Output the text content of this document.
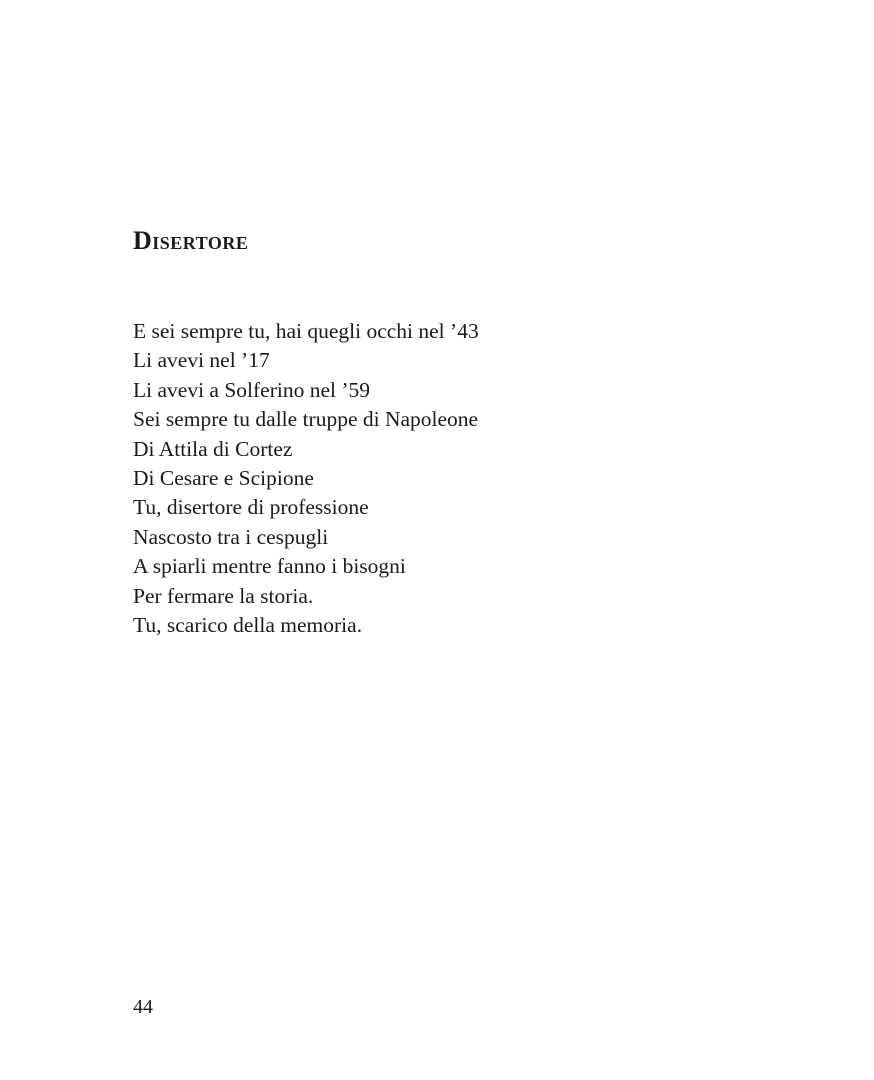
Disertore
E sei sempre tu, hai quegli occhi nel ’43
Li avevi nel ’17
Li avevi a Solferino nel ’59
Sei sempre tu dalle truppe di Napoleone
Di Attila di Cortez
Di Cesare e Scipione
Tu, disertore di professione
Nascosto tra i cespugli
A spiarli mentre fanno i bisogni
Per fermare la storia.
Tu, scarico della memoria.
44
